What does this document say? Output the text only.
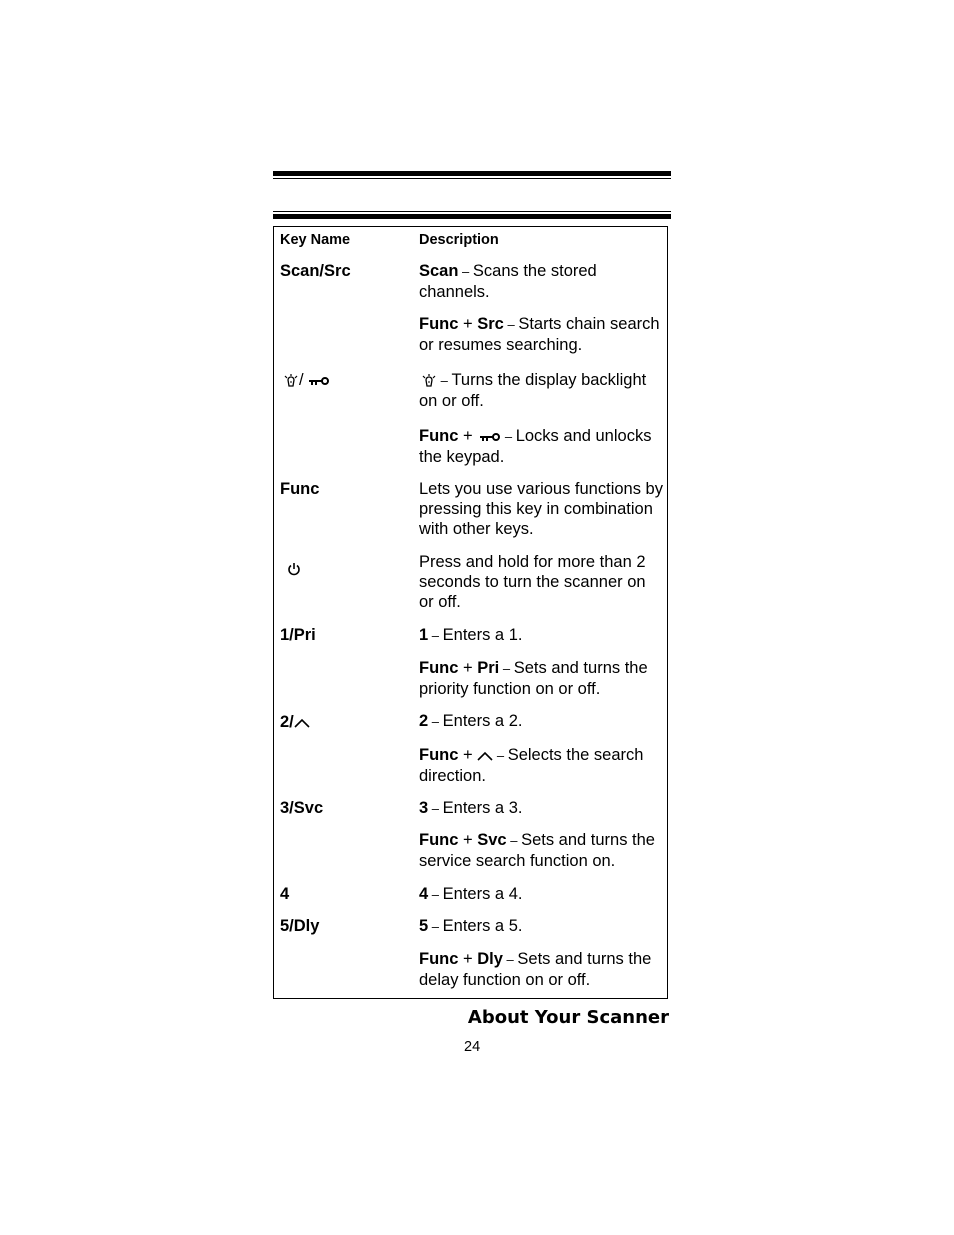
Key Name	Description
Scan/Src	Scan – Scans the stored channels.
Func + Src – Starts chain search or resumes searching.
/	– Turns the display backlight on or off.
Func +  – Locks and unlocks the keypad.
Func	Lets you use various functions by pressing this key in combination with other keys.
Press and hold for more than 2 seconds to turn the scanner on or off.
1/Pri	1 – Enters a 1.
Func + Pri – Sets and turns the priority function on or off.
2/	2 – Enters a 2.
Func +  – Selects the search direction.
3/Svc	3 – Enters a 3.
Func + Svc – Sets and turns the service search function on.
4	4 – Enters a 4.
5/Dly	5 – Enters a 5.
Func + Dly – Sets and turns the delay function on or off.
About Your Scanner
24
